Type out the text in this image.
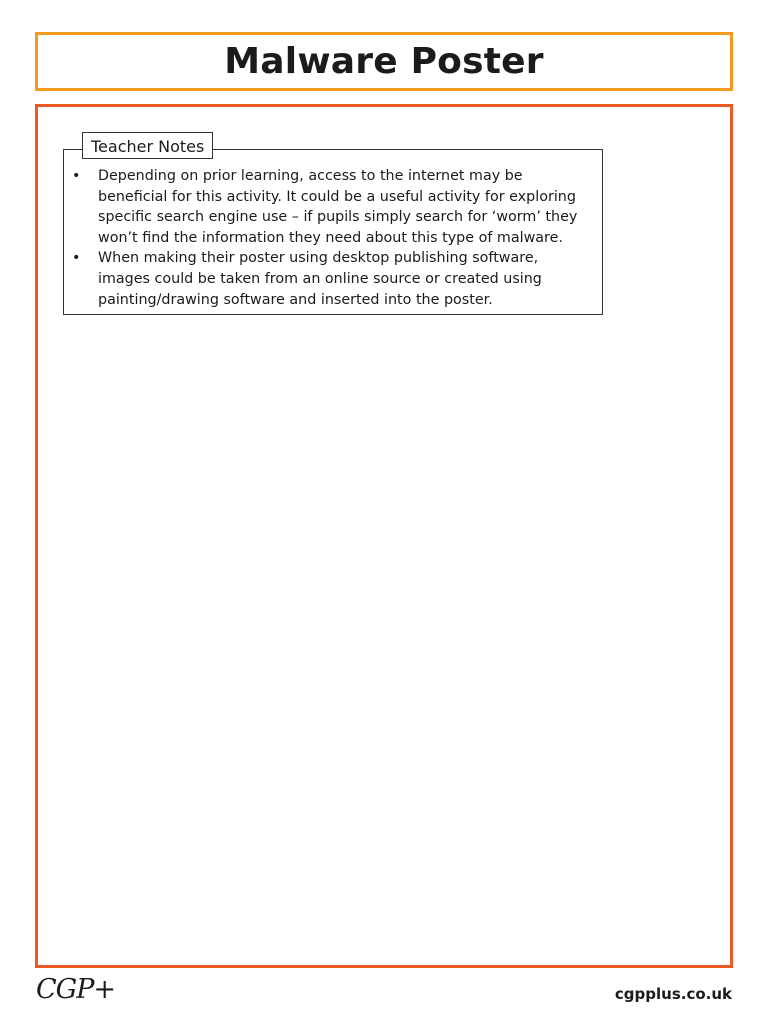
Malware Poster
Teacher Notes
• Depending on prior learning, access to the internet may be beneficial for this activity. It could be a useful activity for exploring specific search engine use – if pupils simply search for ‘worm’ they won’t find the information they need about this type of malware.
• When making their poster using desktop publishing software, images could be taken from an online source or created using painting/drawing software and inserted into the poster.
CGP+	cgpplus.co.uk
